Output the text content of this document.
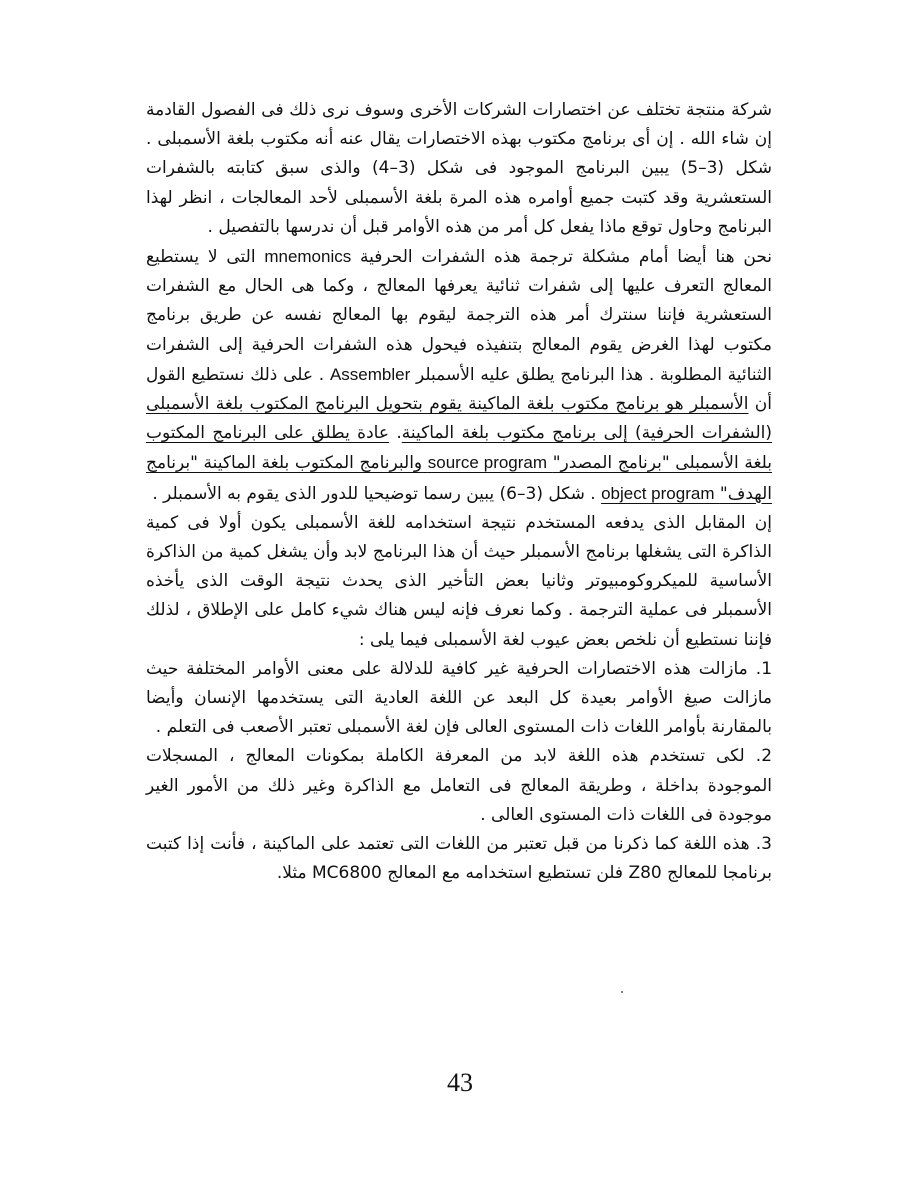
شركة منتجة تختلف عن اختصارات الشركات الأخرى وسوف نرى ذلك فى الفصول القادمة إن شاء الله . إن أى برنامج مكتوب بهذه الاختصارات يقال عنه أنه مكتوب بلغة الأسمبلى . شكل (3–5) يبين البرنامج الموجود فى شكل (3–4) والذى سبق كتابته بالشفرات الستعشرية وقد كتبت جميع أوامره هذه المرة بلغة الأسمبلى لأحد المعالجات ، انظر لهذا البرنامج وحاول توقع ماذا يفعل كل أمر من هذه الأوامر قبل أن ندرسها بالتفصيل .

نحن هنا أيضا أمام مشكلة ترجمة هذه الشفرات الحرفية mnemonics التى لا يستطيع المعالج التعرف عليها إلى شفرات ثنائية يعرفها المعالج ، وكما هى الحال مع الشفرات الستعشرية فإننا سنترك أمر هذه الترجمة ليقوم بها المعالج نفسه عن طريق برنامج مكتوب لهذا الغرض يقوم المعالج بتنفيذه فيحول هذه الشفرات الحرفية إلى الشفرات الثنائية المطلوبة . هذا البرنامج يطلق عليه الأسمبلر Assembler . على ذلك نستطيع القول أن الأسمبلر هو برنامج مكتوب بلغة الماكينة يقوم بتحويل البرنامج المكتوب بلغة الأسمبلى (الشفرات الحرفية) إلى برنامج مكتوب بلغة الماكينة. عادة يطلق على البرنامج المكتوب بلغة الأسمبلى "برنامج المصدر" source program والبرنامج المكتوب بلغة الماكينة "برنامج الهدف" object program . شكل (3–6) يبين رسما توضيحيا للدور الذى يقوم به الأسمبلر .

إن المقابل الذى يدفعه المستخدم نتيجة استخدامه للغة الأسمبلى يكون أولا فى كمية الذاكرة التى يشغلها برنامج الأسمبلر حيث أن هذا البرنامج لابد وأن يشغل كمية من الذاكرة الأساسية للميكروكومبيوتر وثانيا بعض التأخير الذى يحدث نتيجة الوقت الذى يأخذه الأسمبلر فى عملية الترجمة . وكما نعرف فإنه ليس هناك شيء كامل على الإطلاق ، لذلك فإننا نستطيع أن نلخص بعض عيوب لغة الأسمبلى فيما يلى :

1. مازالت هذه الاختصارات الحرفية غير كافية للدلالة على معنى الأوامر المختلفة حيث مازالت صيغ الأوامر بعيدة كل البعد عن اللغة العادية التى يستخدمها الإنسان وأيضا بالمقارنة بأوامر اللغات ذات المستوى العالى فإن لغة الأسمبلى تعتبر الأصعب فى التعلم .

2. لكى تستخدم هذه اللغة لابد من المعرفة الكاملة بمكونات المعالج ، المسجلات الموجودة بداخلة ، وطريقة المعالج فى التعامل مع الذاكرة وغير ذلك من الأمور الغير موجودة فى اللغات ذات المستوى العالى .

3. هذه اللغة كما ذكرنا من قبل تعتبر من اللغات التى تعتمد على الماكينة ، فأنت إذا كتبت برنامجا للمعالج Z80 فلن تستطيع استخدامه مع المعالج MC6800 مثلا.

43
